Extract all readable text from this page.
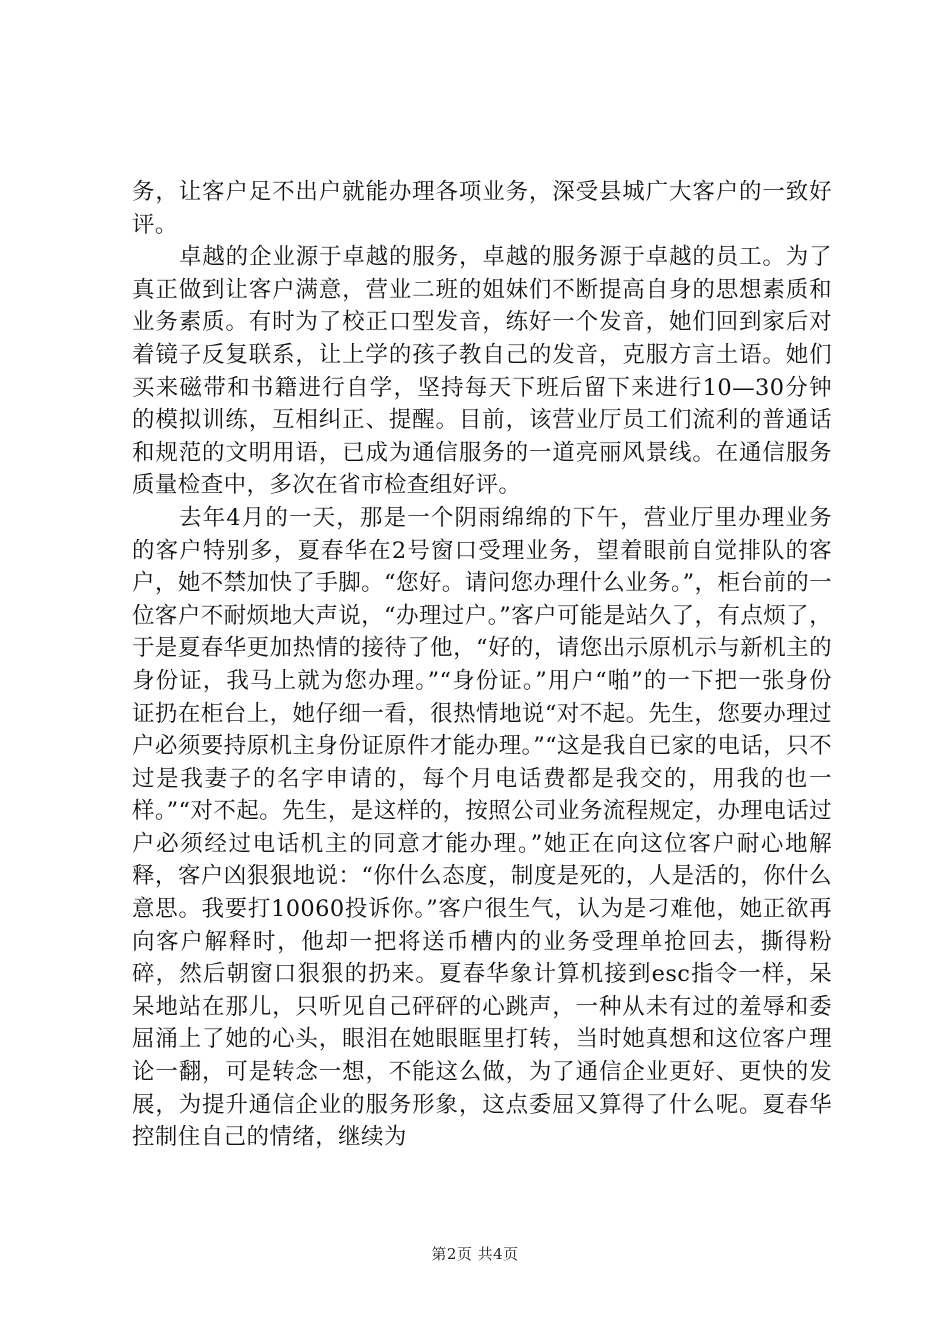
务，让客户足不出户就能办理各项业务，深受县城广大客户的一致好评。

卓越的企业源于卓越的服务，卓越的服务源于卓越的员工。为了真正做到让客户满意，营业二班的姐妹们不断提高自身的思想素质和业务素质。有时为了校正口型发音，练好一个发音，她们回到家后对着镜子反复联系，让上学的孩子教自己的发音，克服方言土语。她们买来磁带和书籍进行自学，坚持每天下班后留下来进行10—30分钟的模拟训练，互相纠正、提醒。目前，该营业厅员工们流利的普通话和规范的文明用语，已成为通信服务的一道亮丽风景线。在通信服务质量检查中，多次在省市检查组好评。

去年4月的一天，那是一个阴雨绵绵的下午，营业厅里办理业务的客户特别多，夏春华在2号窗口受理业务，望着眼前自觉排队的客户，她不禁加快了手脚。“您好。请问您办理什么业务。”，柜台前的一位客户不耐烦地大声说，“办理过户。”客户可能是站久了，有点烦了，于是夏春华更加热情的接待了他，“好的，请您出示原机示与新机主的身份证，我马上就为您办理。”“身份证。”用户“啪”的一下把一张身份证扔在柜台上，她仔细一看，很热情地说“对不起。先生，您要办理过户必须要持原机主身份证原件才能办理。”“这是我自已家的电话，只不过是我妻子的名字申请的，每个月电话费都是我交的，用我的也一样。”“对不起。先生，是这样的，按照公司业务流程规定，办理电话过户必须经过电话机主的同意才能办理。”她正在向这位客户耐心地解释，客户凶狠狠地说：“你什么态度，制度是死的，人是活的，你什么意思。我要打10060投诉你。”客户很生气，认为是刁难他，她正欲再向客户解释时，他却一把将送币槽内的业务受理单抢回去，撕得粉碎，然后朝窗口狠狠的扔来。夏春华象计算机接到esc指令一样，呆呆地站在那儿，只听见自己砰砰的心跳声，一种从未有过的羞辱和委屈涌上了她的心头，眼泪在她眼眶里打转，当时她真想和这位客户理论一翻，可是转念一想，不能这么做，为了通信企业更好、更快的发展，为提升通信企业的服务形象，这点委屈又算得了什么呢。夏春华控制住自己的情绪，继续为

第2页 共4页
